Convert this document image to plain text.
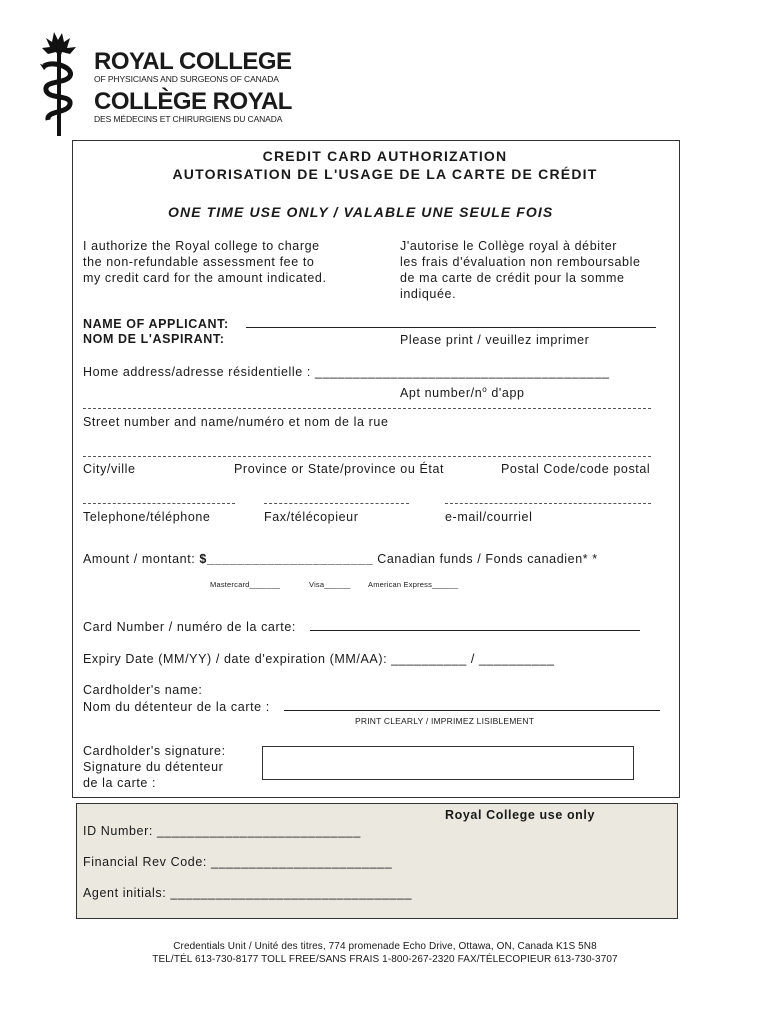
ROYAL COLLEGE
OF PHYSICIANS AND SURGEONS OF CANADA
COLLÈGE ROYAL
DES MÉDECINS ET CHIRURGIENS DU CANADA
CREDIT CARD AUTHORIZATION
AUTORISATION DE L'USAGE DE LA CARTE DE CRÉDIT
ONE TIME USE ONLY / VALABLE UNE SEULE FOIS
I authorize the Royal college to charge
the non-refundable assessment fee to
my credit card for the amount indicated.
J'autorise le Collège royal à débiter
les frais d'évaluation non remboursable
de ma carte de crédit pour la somme
indiquée.
NAME OF APPLICANT:
NOM DE L'ASPIRANT:	Please print / veuillez imprimer
Home address/adresse résidentielle : _______________________________________
Apt number/$n^o$ d'app
Street number and name/numéro et nom de la rue
City/ville	Province or State/province ou État	Postal Code/code postal
Telephone/téléphone	Fax/télécopieur	e-mail/courriel
Amount / montant: $______________________ Canadian funds / Fonds canadien* *
Mastercard_______	Visa______ American Express______
Card Number / numéro de la carte:
Expiry Date (MM/YY) / date d'expiration (MM/AA): __________ / __________
Cardholder's name:
Nom du détenteur de la carte :
PRINT CLEARLY / IMPRIMEZ LISIBLEMENT
Cardholder's signature:
Signature du détenteur
de la carte :
Royal College use only
ID Number: ___________________________
Financial Rev Code: ________________________
Agent initials: ________________________________
Credentials Unit / Unité des titres, 774 promenade Echo Drive, Ottawa, ON, Canada K1S 5N8
TEL/TÉL 613-730-8177 TOLL FREE/SANS FRAIS 1-800-267-2320 FAX/TÉLECOPIEUR 613-730-3707
